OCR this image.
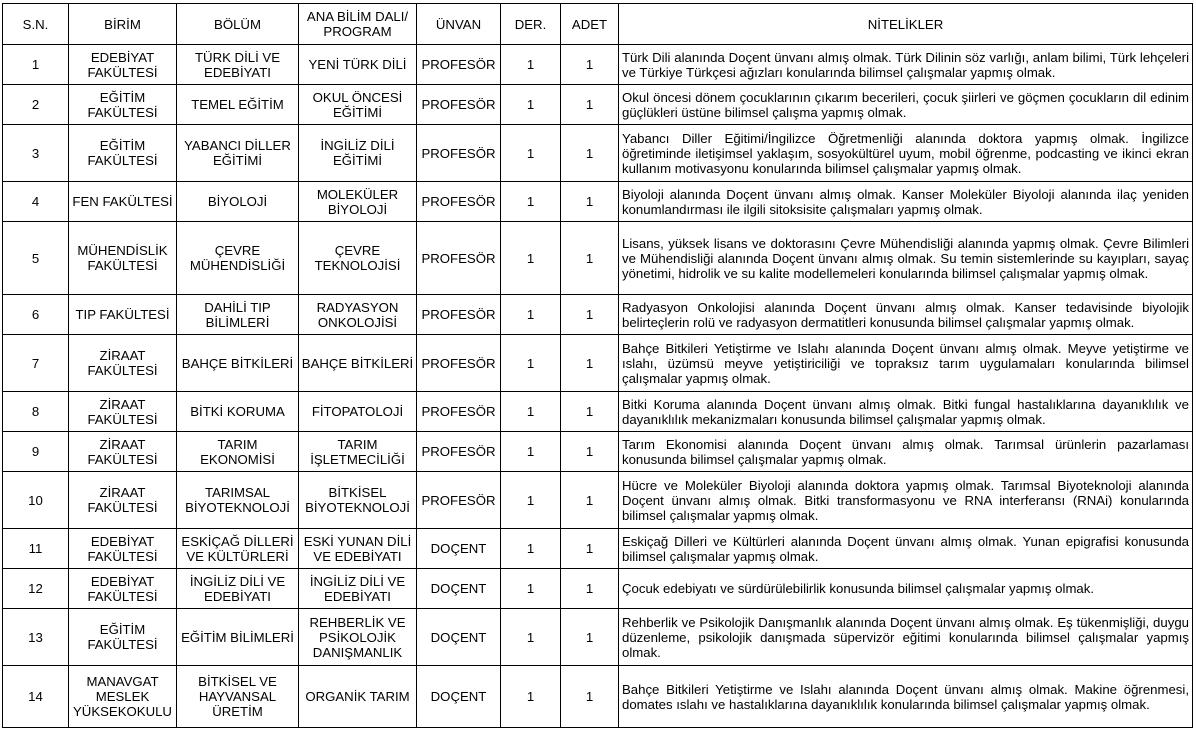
S.N.	BİRİM	BÖLÜM	ANA BİLİM DALI/ PROGRAM	ÜNVAN	DER.	ADET	NİTELİKLER
1	EDEBİYAT FAKÜLTESİ	TÜRK DİLİ VE EDEBİYATI	YENİ TÜRK DİLİ	PROFESÖR	1	1	Türk Dili alanında Doçent ünvanı almış olmak. Türk Dilinin söz varlığı, anlam bilimi, Türk lehçeleri ve Türkiye Türkçesi ağızları konularında bilimsel çalışmalar yapmış olmak.
2	EĞİTİM FAKÜLTESİ	TEMEL EĞİTİM	OKUL ÖNCESİ EĞİTİMİ	PROFESÖR	1	1	Okul öncesi dönem çocuklarının çıkarım becerileri, çocuk şiirleri ve göçmen çocukların dil edinim güçlükleri üstüne bilimsel çalışma yapmış olmak.
3	EĞİTİM FAKÜLTESİ	YABANCI DİLLER EĞİTİMİ	İNGİLİZ DİLİ EĞİTİMİ	PROFESÖR	1	1	Yabancı Diller Eğitimi/İngilizce Öğretmenliği alanında doktora yapmış olmak. İngilizce öğretiminde iletişimsel yaklaşım, sosyokültürel uyum, mobil öğrenme, podcasting ve ikinci ekran kullanım motivasyonu konularında bilimsel çalışmalar yapmış olmak.
4	FEN FAKÜLTESİ	BİYOLOJİ	MOLEKÜLER BİYOLOJİ	PROFESÖR	1	1	Biyoloji alanında Doçent ünvanı almış olmak. Kanser Moleküler Biyoloji alanında ilaç yeniden konumlandırması ile ilgili sitoksisite çalışmaları yapmış olmak.
5	MÜHENDİSLİK FAKÜLTESİ	ÇEVRE MÜHENDİSLİĞİ	ÇEVRE TEKNOLOJİSİ	PROFESÖR	1	1	Lisans, yüksek lisans ve doktorasını Çevre Mühendisliği alanında yapmış olmak. Çevre Bilimleri ve Mühendisliği alanında Doçent ünvanı almış olmak. Su temin sistemlerinde su kayıpları, sayaç yönetimi, hidrolik ve su kalite modellemeleri konularında bilimsel çalışmalar yapmış olmak.
6	TIP FAKÜLTESİ	DAHİLİ TIP BİLİMLERİ	RADYASYON ONKOLOJİSİ	PROFESÖR	1	1	Radyasyon Onkolojisi alanında Doçent ünvanı almış olmak. Kanser tedavisinde biyolojik belirteçlerin rolü ve radyasyon dermatitleri konusunda bilimsel çalışmalar yapmış olmak.
7	ZİRAAT FAKÜLTESİ	BAHÇE BİTKİLERİ	BAHÇE BİTKİLERİ	PROFESÖR	1	1	Bahçe Bitkileri Yetiştirme ve Islahı alanında Doçent ünvanı almış olmak. Meyve yetiştirme ve ıslahı, üzümsü meyve yetiştiriciliği ve topraksız tarım uygulamaları konularında bilimsel çalışmalar yapmış olmak.
8	ZİRAAT FAKÜLTESİ	BİTKİ KORUMA	FİTOPATOLOJİ	PROFESÖR	1	1	Bitki Koruma alanında Doçent ünvanı almış olmak. Bitki fungal hastalıklarına dayanıklılık ve dayanıklılık mekanizmaları konusunda bilimsel çalışmalar yapmış olmak.
9	ZİRAAT FAKÜLTESİ	TARIM EKONOMİSİ	TARIM İŞLETMECİLİĞİ	PROFESÖR	1	1	Tarım Ekonomisi alanında Doçent ünvanı almış olmak. Tarımsal ürünlerin pazarlaması konusunda bilimsel çalışmalar yapmış olmak.
10	ZİRAAT FAKÜLTESİ	TARIMSAL BİYOTEKNOLOJİ	BİTKİSEL BİYOTEKNOLOJİ	PROFESÖR	1	1	Hücre ve Moleküler Biyoloji alanında doktora yapmış olmak. Tarımsal Biyoteknoloji alanında Doçent ünvanı almış olmak. Bitki transformasyonu ve RNA interferansı (RNAi) konularında bilimsel çalışmalar yapmış olmak.
11	EDEBİYAT FAKÜLTESİ	ESKİÇAĞ DİLLERİ VE KÜLTÜRLERİ	ESKİ YUNAN DİLİ VE EDEBİYATI	DOÇENT	1	1	Eskiçağ Dilleri ve Kültürleri alanında Doçent ünvanı almış olmak. Yunan epigrafisi konusunda bilimsel çalışmalar yapmış olmak.
12	EDEBİYAT FAKÜLTESİ	İNGİLİZ DİLİ VE EDEBİYATI	İNGİLİZ DİLİ VE EDEBİYATI	DOÇENT	1	1	Çocuk edebiyatı ve sürdürülebilirlik konusunda bilimsel çalışmalar yapmış olmak.
13	EĞİTİM FAKÜLTESİ	EĞİTİM BİLİMLERİ	REHBERLİK VE PSİKOLOJİK DANIŞMANLIK	DOÇENT	1	1	Rehberlik ve Psikolojik Danışmanlık alanında Doçent ünvanı almış olmak. Eş tükenmişliği, duygu düzenleme, psikolojik danışmada süpervizör eğitimi konularında bilimsel çalışmalar yapmış olmak.
14	MANAVGAT MESLEK YÜKSEKOKULU	BİTKİSEL VE HAYVANSAL ÜRETİM	ORGANİK TARIM	DOÇENT	1	1	Bahçe Bitkileri Yetiştirme ve Islahı alanında Doçent ünvanı almış olmak. Makine öğrenmesi, domates ıslahı ve hastalıklarına dayanıklılık konularında bilimsel çalışmalar yapmış olmak.
